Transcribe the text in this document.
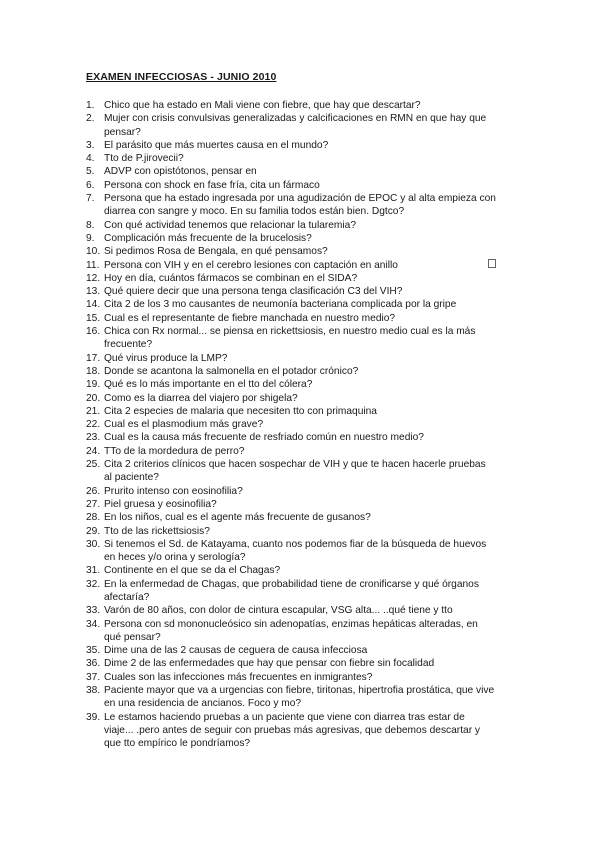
EXAMEN INFECCIOSAS - JUNIO 2010
1. Chico que ha estado en Mali viene con fiebre, que hay que descartar?
2. Mujer con crisis convulsivas generalizadas y calcificaciones en RMN en que hay que pensar?
3. El parásito que más muertes causa en el mundo?
4. Tto de P.jirovecii?
5. ADVP con opistótonos, pensar en
6. Persona con shock en fase fría, cita un fármaco
7. Persona que ha estado ingresada por una agudización de EPOC y al alta empieza con diarrea con sangre y moco. En su familia todos están bien. Dgtco?
8. Con qué actividad tenemos que relacionar la tularemia?
9. Complicación más frecuente de la brucelosis?
10. Si pedimos Rosa de Bengala, en qué pensamos?
11. Persona con VIH y en el cerebro lesiones con captación en anillo
12. Hoy en día, cuántos fármacos se combinan en el SIDA?
13. Qué quiere decir que una persona tenga clasificación C3 del VIH?
14. Cita 2 de los 3 mo causantes de neumonía bacteriana complicada por la gripe
15. Cual es el representante de fiebre manchada en nuestro medio?
16. Chica con Rx normal... se piensa en rickettsiosis, en nuestro medio cual es la más frecuente?
17. Qué virus produce la LMP?
18. Donde se acantona la salmonella en el potador crónico?
19. Qué es lo más importante en el tto del cólera?
20. Como es la diarrea del viajero por shigela?
21. Cita 2 especies de malaria que necesiten tto con primaquina
22. Cual es el plasmodium más grave?
23. Cual es la causa más frecuente de resfriado común en nuestro medio?
24. TTo de la mordedura de perro?
25. Cita 2 criterios clínicos que hacen sospechar de VIH y que te hacen hacerle pruebas al paciente?
26. Prurito intenso con eosinofilia?
27. Piel gruesa y eosinofilia?
28. En los niños, cual es el agente más frecuente de gusanos?
29. Tto de las rickettsiosis?
30. Si tenemos el Sd. de Katayama, cuanto nos podemos fiar de la búsqueda de huevos en heces y/o orina y serología?
31. Continente en el que se da el Chagas?
32. En la enfermedad de Chagas, que probabilidad tiene de cronificarse y qué órganos afectaría?
33. Varón de 80 años, con dolor de cintura escapular, VSG alta... ..qué tiene y tto
34. Persona con sd mononucleósico sin adenopatías, enzimas hepáticas alteradas, en qué pensar?
35. Dime una de las 2 causas de ceguera de causa infecciosa
36. Dime 2 de las enfermedades que hay que pensar con fiebre sin focalidad
37. Cuales son las infecciones más frecuentes en inmigrantes?
38. Paciente mayor que va a urgencias con fiebre, tiritonas, hipertrofia prostática, que vive en una residencia de ancianos. Foco y mo?
39. Le estamos haciendo pruebas a un paciente que viene con diarrea tras estar de viaje... .pero antes de seguir con pruebas más agresivas, que debemos descartar y que tto empírico le pondríamos?
